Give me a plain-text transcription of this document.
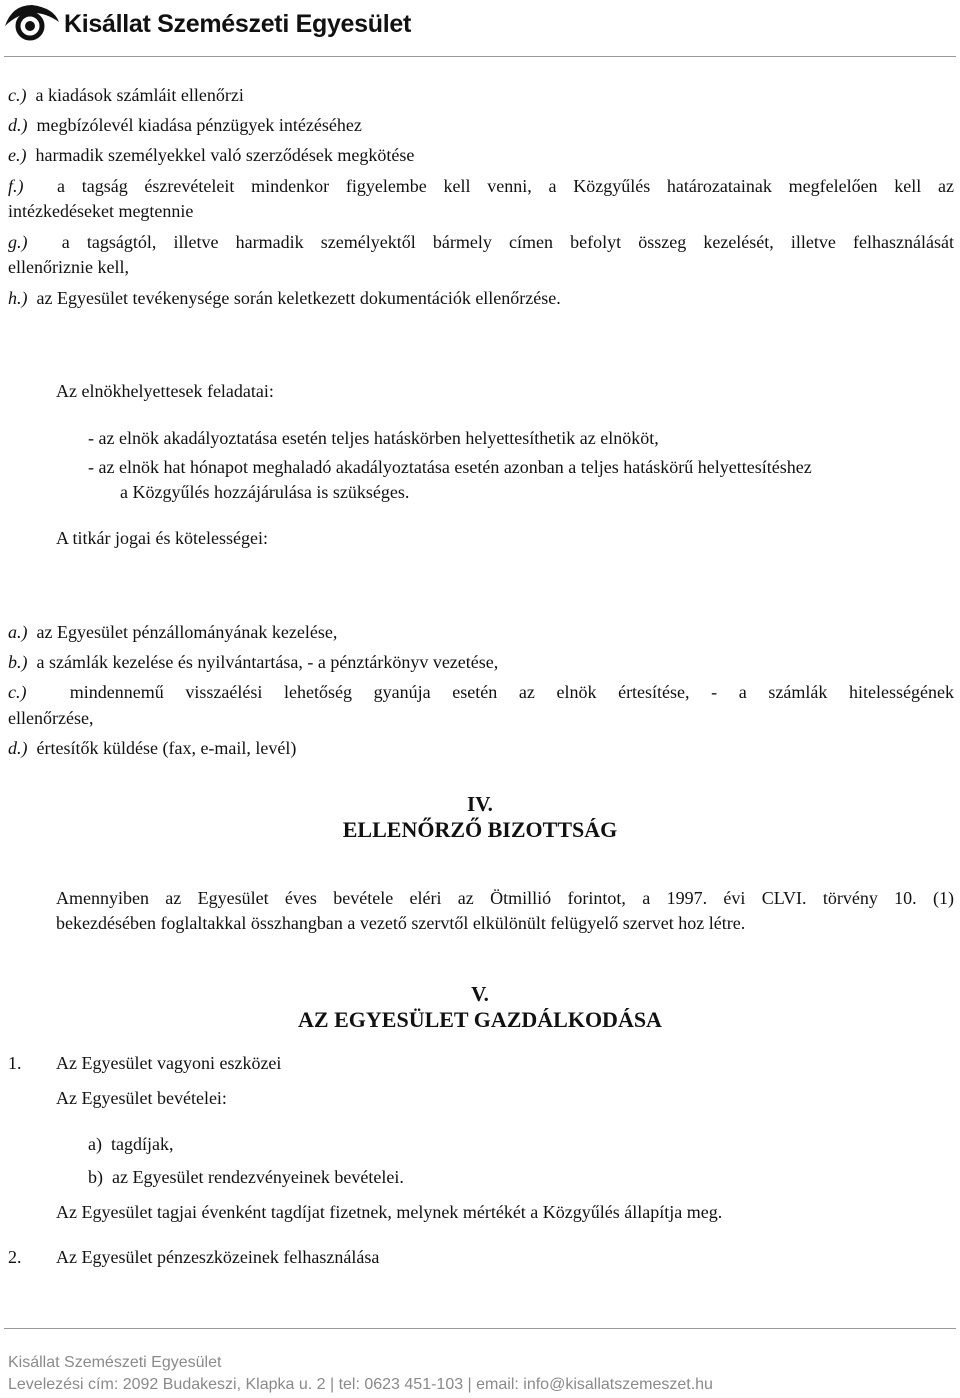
Kisállat Szemészeti Egyesület
c.) a kiadások számláit ellenőrzi
d.) megbízólevél kiadása pénzügyek intézéséhez
e.) harmadik személyekkel való szerződések megkötése
f.) a tagság észrevételeit mindenkor figyelembe kell venni, a Közgyűlés határozatainak megfelelően kell az
intézkedéseket megtennie
g.) a tagságtól, illetve harmadik személyektől bármely címen befolyt összeg kezelését, illetve felhasználását
ellenőriznie kell,
h.) az Egyesület tevékenysége során keletkezett dokumentációk ellenőrzése.
Az elnökhelyettesek feladatai:
- az elnök akadályoztatása esetén teljes hatáskörben helyettesíthetik az elnököt,
- az elnök hat hónapot meghaladó akadályoztatása esetén azonban a teljes hatáskörű helyettesítéshez
a Közgyűlés hozzájárulása is szükséges.
A titkár jogai és kötelességei:
a.) az Egyesület pénzállományának kezelése,
b.) a számlák kezelése és nyilvántartása, - a pénztárkönyv vezetése,
c.) mindennemű visszaélési lehetőség gyanúja esetén az elnök értesítése, - a számlák hitelességének
ellenőrzése,
d.) értesítők küldése (fax, e-mail, levél)
IV.
ELLENŐRZŐ BIZOTTSÁG
Amennyiben az Egyesület éves bevétele eléri az Ötmillió forintot, a 1997. évi CLVI. törvény 10. (1)
bekezdésében foglaltakkal összhangban a vezető szervtől elkülönült felügyelő szervet hoz létre.
V.
AZ EGYESÜLET GAZDÁLKODÁSA
1. Az Egyesület vagyoni eszközei
Az Egyesület bevételei:
a) tagdíjak,
b) az Egyesület rendezvényeinek bevételei.
Az Egyesület tagjai évenként tagdíjat fizetnek, melynek mértékét a Közgyűlés állapítja meg.
2. Az Egyesület pénzeszközeinek felhasználása
Kisállat Szemészeti Egyesület
Levelezési cím: 2092 Budakeszi, Klapka u. 2 | tel: 0623 451-103 | email: info@kisallatszemeszet.hu
